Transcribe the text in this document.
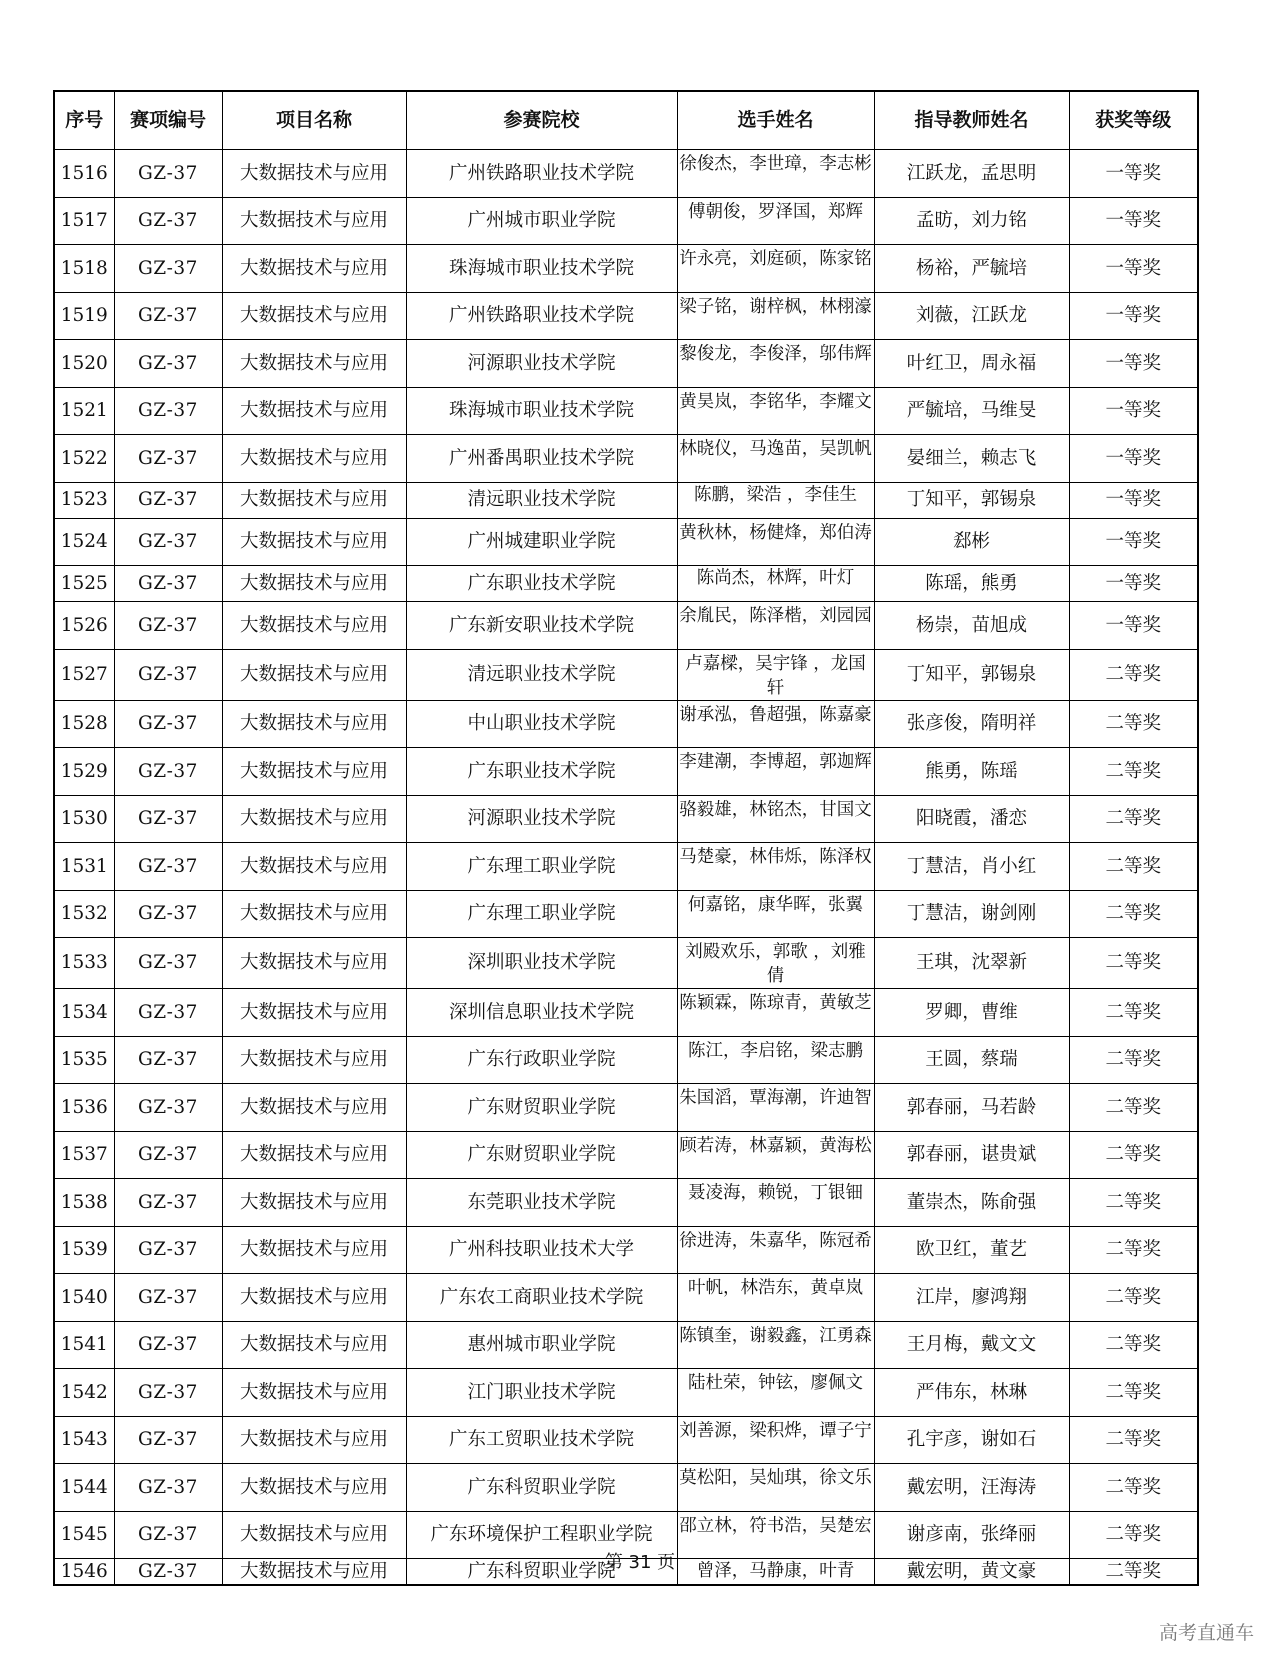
序号	赛项编号	项目名称	参赛院校	选手姓名	指导教师姓名	获奖等级
1516	GZ-37	大数据技术与应用	广州铁路职业技术学院	徐俊杰，李世璋，李志彬	江跃龙，孟思明	一等奖
1517	GZ-37	大数据技术与应用	广州城市职业学院	傅朝俊，罗泽国，郑辉	孟昉，刘力铭	一等奖
1518	GZ-37	大数据技术与应用	珠海城市职业技术学院	许永亮，刘庭硕，陈家铭	杨裕，严毓培	一等奖
1519	GZ-37	大数据技术与应用	广州铁路职业技术学院	梁子铭，谢梓枫，林栩濠	刘薇，江跃龙	一等奖
1520	GZ-37	大数据技术与应用	河源职业技术学院	黎俊龙，李俊泽，邬伟辉	叶红卫，周永福	一等奖
1521	GZ-37	大数据技术与应用	珠海城市职业技术学院	黄昊岚，李铭华，李耀文	严毓培，马维旻	一等奖
1522	GZ-37	大数据技术与应用	广州番禺职业技术学院	林晓仪，马逸苗，吴凯帆	晏细兰，赖志飞	一等奖
1523	GZ-37	大数据技术与应用	清远职业技术学院	陈鹏，梁浩 ，李佳生	丁知平，郭锡泉	一等奖
1524	GZ-37	大数据技术与应用	广州城建职业学院	黄秋林，杨健烽，郑伯涛	郄彬	一等奖
1525	GZ-37	大数据技术与应用	广东职业技术学院	陈尚杰，林辉，叶灯	陈瑶，熊勇	一等奖
1526	GZ-37	大数据技术与应用	广东新安职业技术学院	余胤民，陈泽楷，刘园园	杨崇，苗旭成	一等奖
1527	GZ-37	大数据技术与应用	清远职业技术学院	卢嘉樑，吴宇锋 ，龙国轩	丁知平，郭锡泉	二等奖
1528	GZ-37	大数据技术与应用	中山职业技术学院	谢承泓，鲁超强，陈嘉豪	张彦俊，隋明祥	二等奖
1529	GZ-37	大数据技术与应用	广东职业技术学院	李建潮，李博超，郭迦辉	熊勇，陈瑶	二等奖
1530	GZ-37	大数据技术与应用	河源职业技术学院	骆毅雄，林铭杰，甘国文	阳晓霞，潘恋	二等奖
1531	GZ-37	大数据技术与应用	广东理工职业学院	马楚豪，林伟烁，陈泽权	丁慧洁，肖小红	二等奖
1532	GZ-37	大数据技术与应用	广东理工职业学院	何嘉铭，康华晖，张翼	丁慧洁，谢剑刚	二等奖
1533	GZ-37	大数据技术与应用	深圳职业技术学院	刘殿欢乐，郭歌 ，刘雅倩	王琪，沈翠新	二等奖
1534	GZ-37	大数据技术与应用	深圳信息职业技术学院	陈颖霖，陈琼青，黄敏芝	罗卿，曹维	二等奖
1535	GZ-37	大数据技术与应用	广东行政职业学院	陈江，李启铭，梁志鹏	王圆，蔡瑞	二等奖
1536	GZ-37	大数据技术与应用	广东财贸职业学院	朱国滔，覃海潮，许迪智	郭春丽，马若龄	二等奖
1537	GZ-37	大数据技术与应用	广东财贸职业学院	顾若涛，林嘉颖，黄海松	郭春丽，谌贵斌	二等奖
1538	GZ-37	大数据技术与应用	东莞职业技术学院	聂凌海，赖锐，丁银钿	董崇杰，陈俞强	二等奖
1539	GZ-37	大数据技术与应用	广州科技职业技术大学	徐进涛，朱嘉华，陈冠希	欧卫红，董艺	二等奖
1540	GZ-37	大数据技术与应用	广东农工商职业技术学院	叶帆，林浩东，黄卓岚	江岸，廖鸿翔	二等奖
1541	GZ-37	大数据技术与应用	惠州城市职业学院	陈镇奎，谢毅鑫，江勇森	王月梅，戴文文	二等奖
1542	GZ-37	大数据技术与应用	江门职业技术学院	陆杜荣，钟铉，廖佩文	严伟东，林琳	二等奖
1543	GZ-37	大数据技术与应用	广东工贸职业技术学院	刘善源，梁积烨，谭子宁	孔宇彦，谢如石	二等奖
1544	GZ-37	大数据技术与应用	广东科贸职业学院	莫松阳，吴灿琪，徐文乐	戴宏明，汪海涛	二等奖
1545	GZ-37	大数据技术与应用	广东环境保护工程职业学院	邵立林，符书浩，吴楚宏	谢彦南，张绛丽	二等奖
1546	GZ-37	大数据技术与应用	广东科贸职业学院	曾泽，马静康，叶青	戴宏明，黄文豪	二等奖
第 31 页
高考直通车
